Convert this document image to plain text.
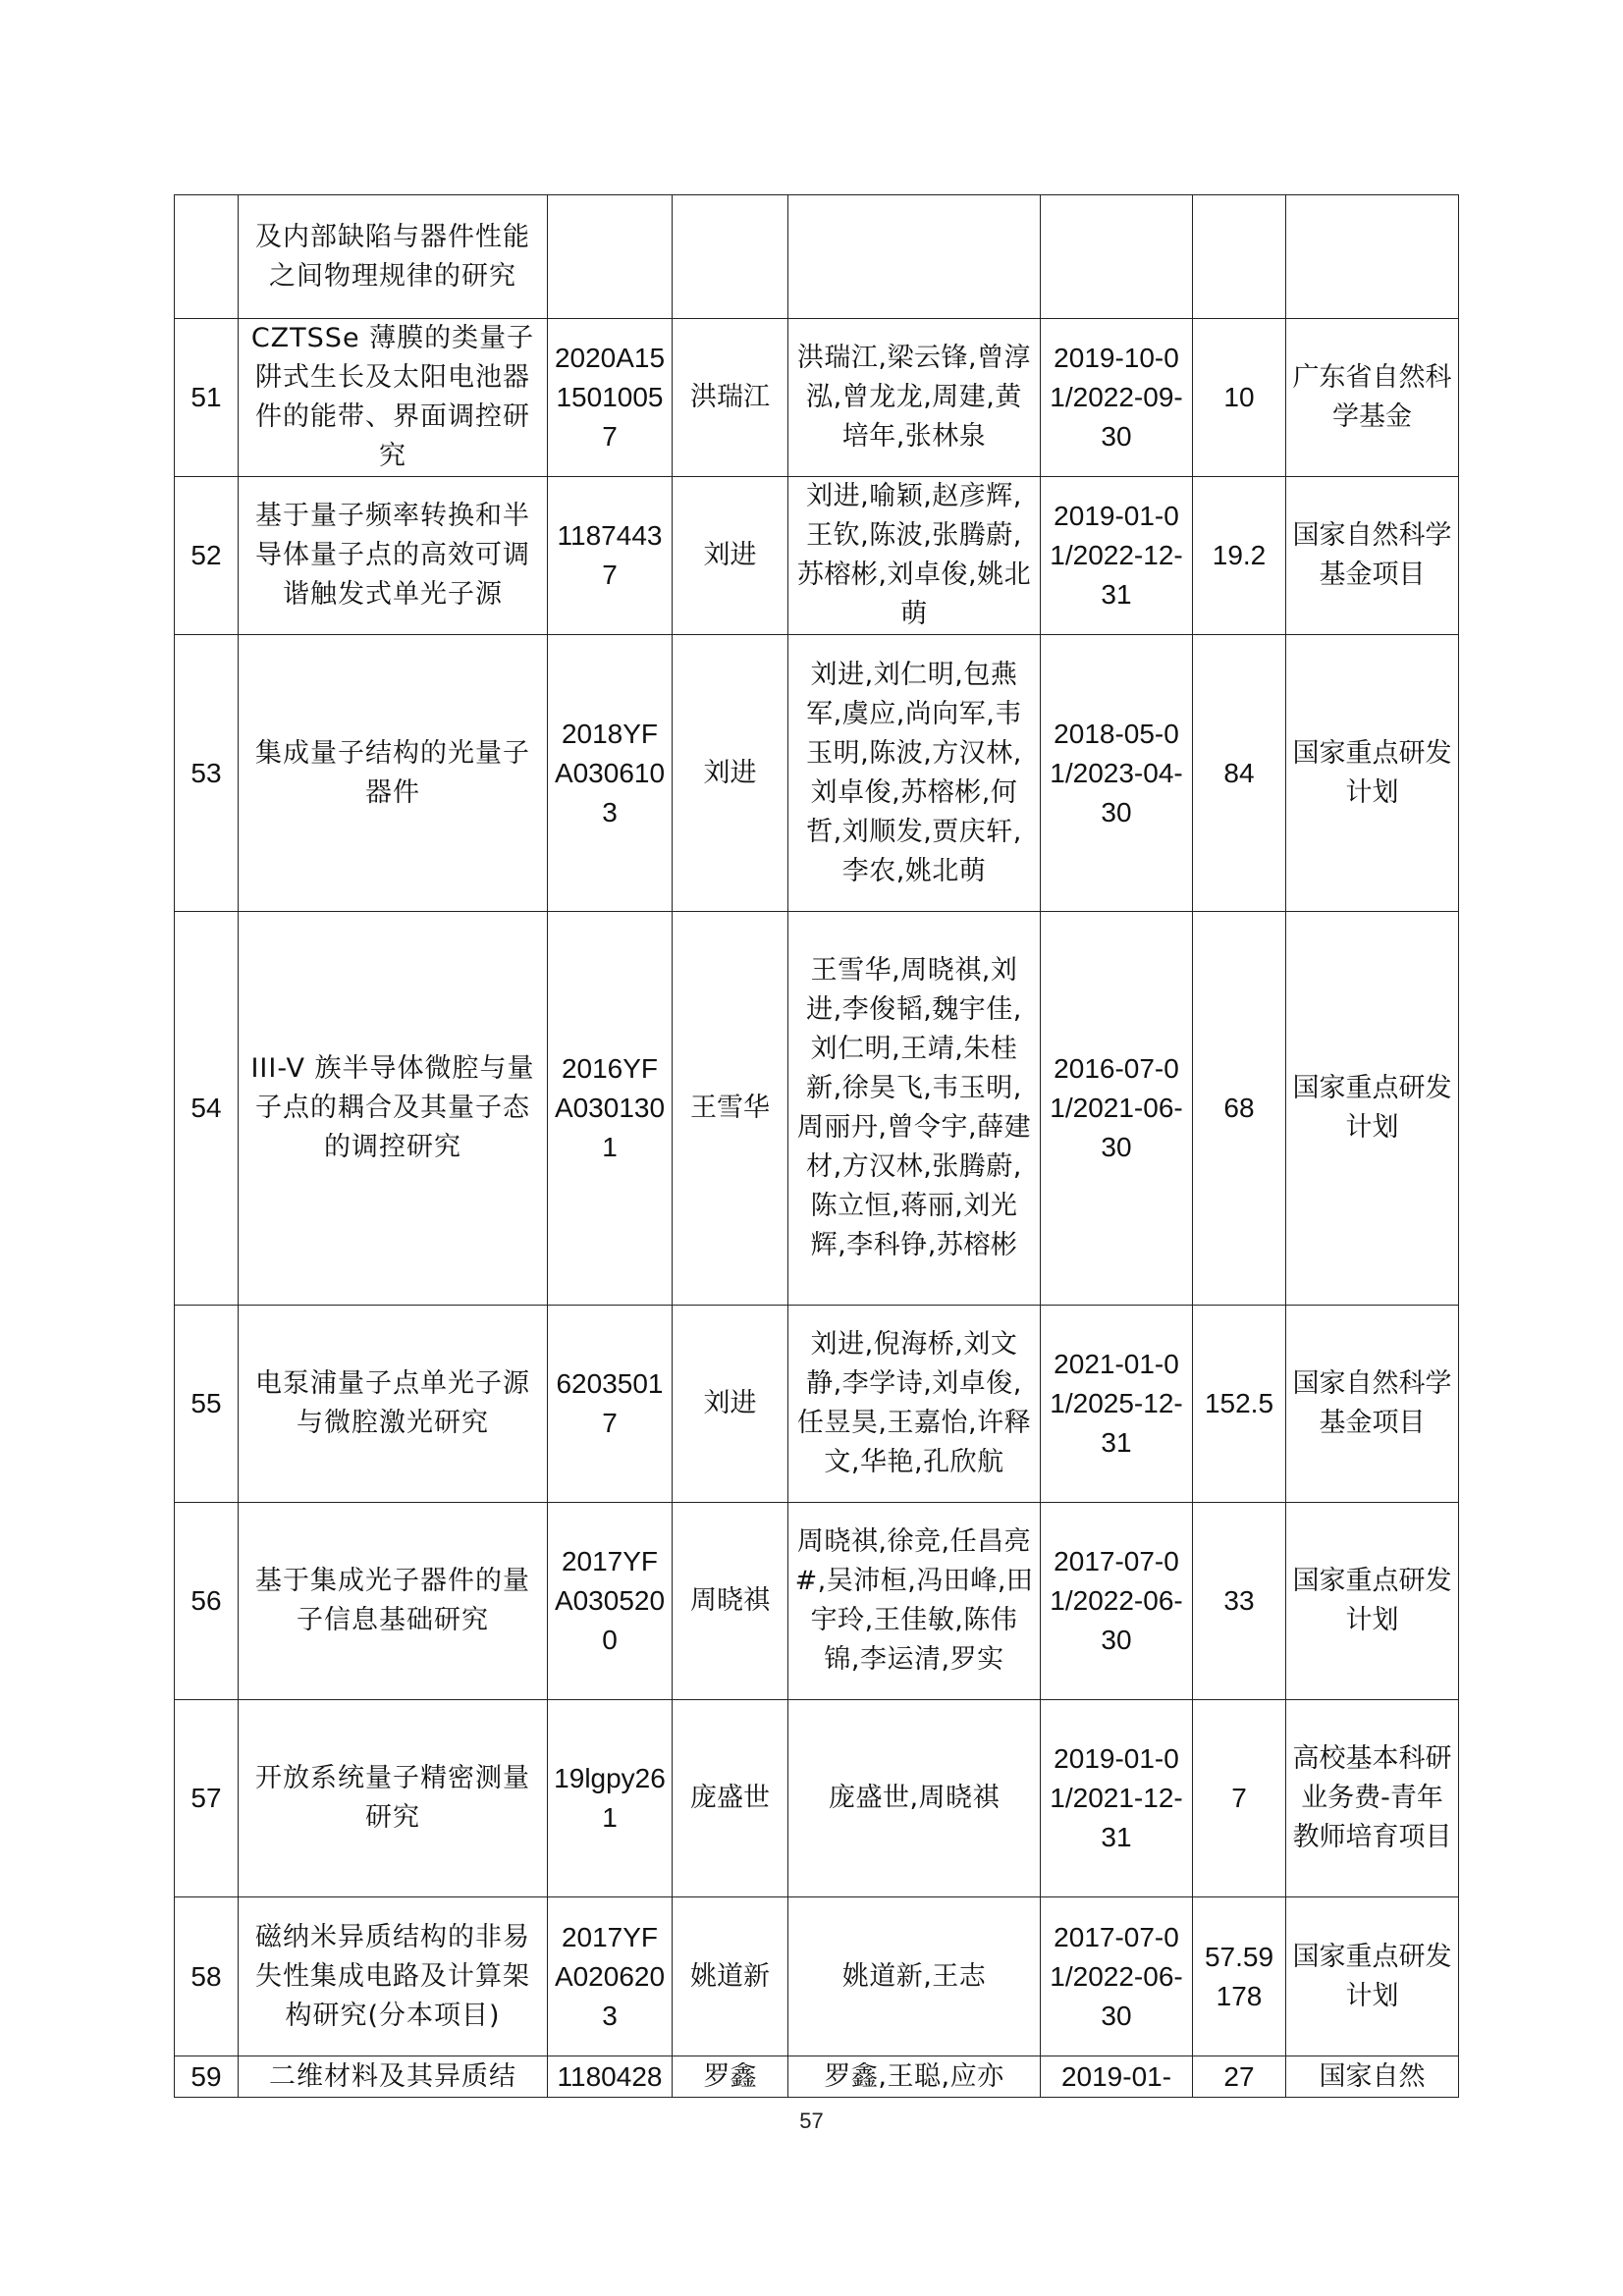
	及内部缺陷与器件性能之间物理规律的研究						
51	CZTSSe 薄膜的类量子阱式生长及太阳电池器件的能带、界面调控研究	2020A1515010057	洪瑞江	洪瑞江,梁云锋,曾淳泓,曾龙龙,周建,黄培年,张林泉	2019-10-01/2022-09-30	10	广东省自然科学基金
52	基于量子频率转换和半导体量子点的高效可调谐触发式单光子源	11874437	刘进	刘进,喻颖,赵彦辉,王钦,陈波,张腾蔚,苏榕彬,刘卓俊,姚北萌	2019-01-01/2022-12-31	19.2	国家自然科学基金项目
53	集成量子结构的光量子器件	2018YFA0306103	刘进	刘进,刘仁明,包燕军,虞应,尚向军,韦玉明,陈波,方汉林,刘卓俊,苏榕彬,何哲,刘顺发,贾庆轩,李农,姚北萌	2018-05-01/2023-04-30	84	国家重点研发计划
54	III-V 族半导体微腔与量子点的耦合及其量子态的调控研究	2016YFA0301301	王雪华	王雪华,周晓祺,刘进,李俊韬,魏宇佳,刘仁明,王靖,朱桂新,徐昊飞,韦玉明,周丽丹,曾令宇,薛建材,方汉林,张腾蔚,陈立恒,蒋丽,刘光辉,李科铮,苏榕彬	2016-07-01/2021-06-30	68	国家重点研发计划
55	电泵浦量子点单光子源与微腔激光研究	62035017	刘进	刘进,倪海桥,刘文静,李学诗,刘卓俊,任昱昊,王嘉怡,许释文,华艳,孔欣航	2021-01-01/2025-12-31	152.5	国家自然科学基金项目
56	基于集成光子器件的量子信息基础研究	2017YFA0305200	周晓祺	周晓祺,徐竞,任昌亮#,吴沛桓,冯田峰,田宇玲,王佳敏,陈伟锦,李运清,罗实	2017-07-01/2022-06-30	33	国家重点研发计划
57	开放系统量子精密测量研究	19lgpy261	庞盛世	庞盛世,周晓祺	2019-01-01/2021-12-31	7	高校基本科研业务费-青年教师培育项目
58	磁纳米异质结构的非易失性集成电路及计算架构研究(分本项目)	2017YFA0206203	姚道新	姚道新,王志	2017-07-01/2022-06-30	57.59178	国家重点研发计划
59	二维材料及其异质结	1180428	罗鑫	罗鑫,王聪,应亦	2019-01-	27	国家自然
57
